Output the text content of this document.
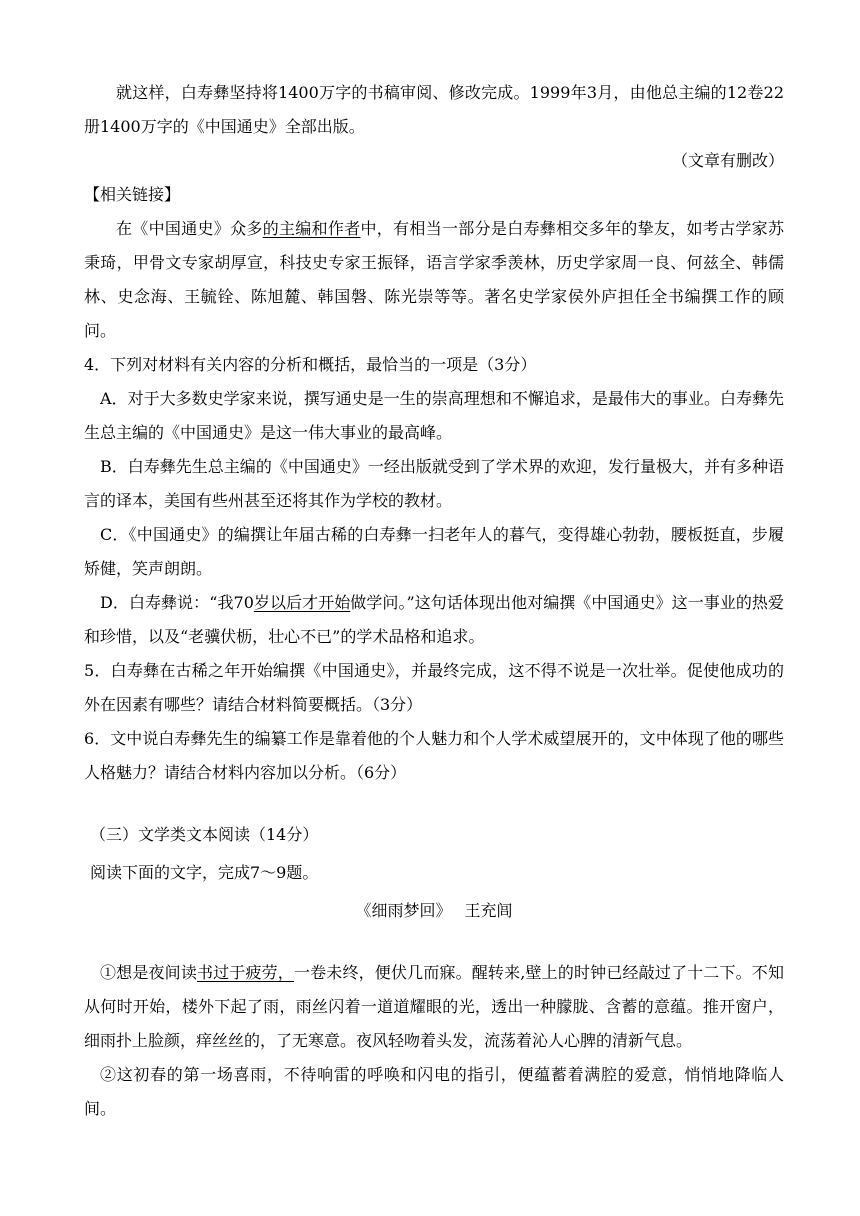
就这样，白寿彝坚持将1400万字的书稿审阅、修改完成。1999年3月，由他总主编的12卷22册1400万字的《中国通史》全部出版。

（文章有删改）

【相关链接】

在《中国通史》众多的主编和作者中，有相当一部分是白寿彝相交多年的挚友，如考古学家苏秉琦，甲骨文专家胡厚宣，科技史专家王振铎，语言学家季羡林，历史学家周一良、何兹全、韩儒林、史念海、王毓铨、陈旭麓、韩国磐、陈光崇等等。著名史学家侯外庐担任全书编撰工作的顾问。

4．下列对材料有关内容的分析和概括，最恰当的一项是（3分）

A．对于大多数史学家来说，撰写通史是一生的崇高理想和不懈追求，是最伟大的事业。白寿彝先生总主编的《中国通史》是这一伟大事业的最高峰。

B．白寿彝先生总主编的《中国通史》一经出版就受到了学术界的欢迎，发行量极大，并有多种语言的译本，美国有些州甚至还将其作为学校的教材。

C．《中国通史》的编撰让年届古稀的白寿彝一扫老年人的暮气，变得雄心勃勃，腰板挺直，步履矫健，笑声朗朗。

D．白寿彝说：“我70岁以后才开始做学问。”这句话体现出他对编撰《中国通史》这一事业的热爱和珍惜，以及“老骥伏枥，壮心不已”的学术品格和追求。

5．白寿彝在古稀之年开始编撰《中国通史》，并最终完成，这不得不说是一次壮举。促使他成功的外在因素有哪些？请结合材料简要概括。（3分）

6．文中说白寿彝先生的编纂工作是靠着他的个人魅力和个人学术威望展开的，文中体现了他的哪些人格魅力？请结合材料内容加以分析。（6分）

（三）文学类文本阅读（14分）

阅读下面的文字，完成7～9题。

《细雨梦回》　 王充闾

①想是夜间读书过于疲劳，一卷未终，便伏几而寐。醒转来,壁上的时钟已经敲过了十二下。不知从何时开始，楼外下起了雨，雨丝闪着一道道耀眼的光，透出一种朦胧、含蓄的意蕴。推开窗户，细雨扑上脸颜，痒丝丝的，了无寒意。夜风轻吻着头发，流荡着沁人心脾的清新气息。

②这初春的第一场喜雨，不待响雷的呼唤和闪电的指引，便蕴蓄着满腔的爱意，悄悄地降临人间。
